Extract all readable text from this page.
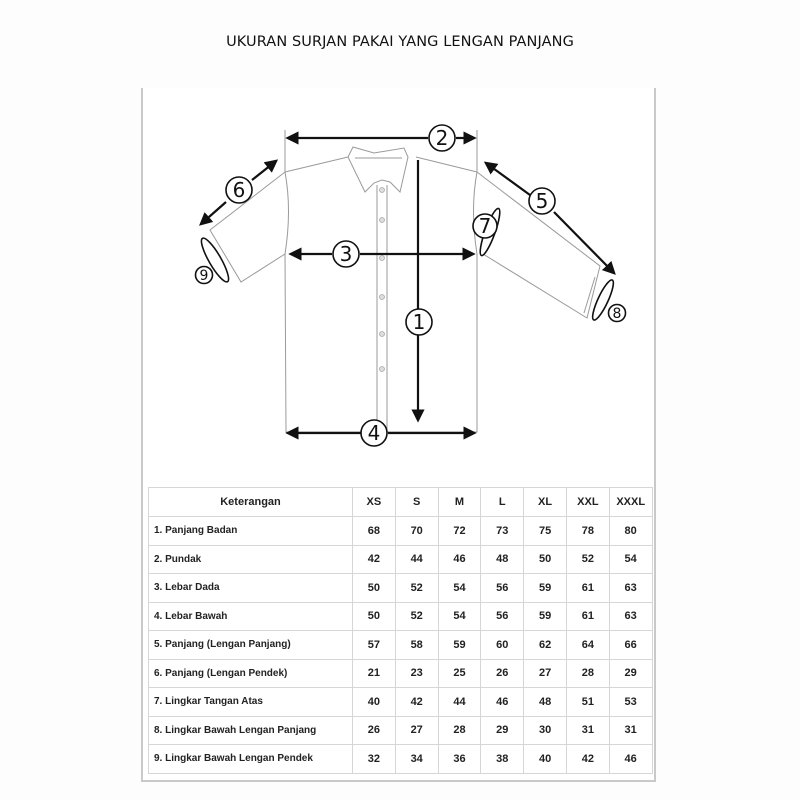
UKURAN SURJAN PAKAI YANG LENGAN PANJANG
2
3
1
4
6	5
7
9
8
Keterangan	XS	S	M	L	XL	XXL	XXXL
1. Panjang Badan	68	70	72	73	75	78	80
2. Pundak	42	44	46	48	50	52	54
3. Lebar Dada	50	52	54	56	59	61	63
4. Lebar Bawah	50	52	54	56	59	61	63
5. Panjang (Lengan Panjang)	57	58	59	60	62	64	66
6. Panjang (Lengan Pendek)	21	23	25	26	27	28	29
7. Lingkar Tangan Atas	40	42	44	46	48	51	53
8. Lingkar Bawah Lengan Panjang	26	27	28	29	30	31	31
9. Lingkar Bawah Lengan Pendek	32	34	36	38	40	42	46
